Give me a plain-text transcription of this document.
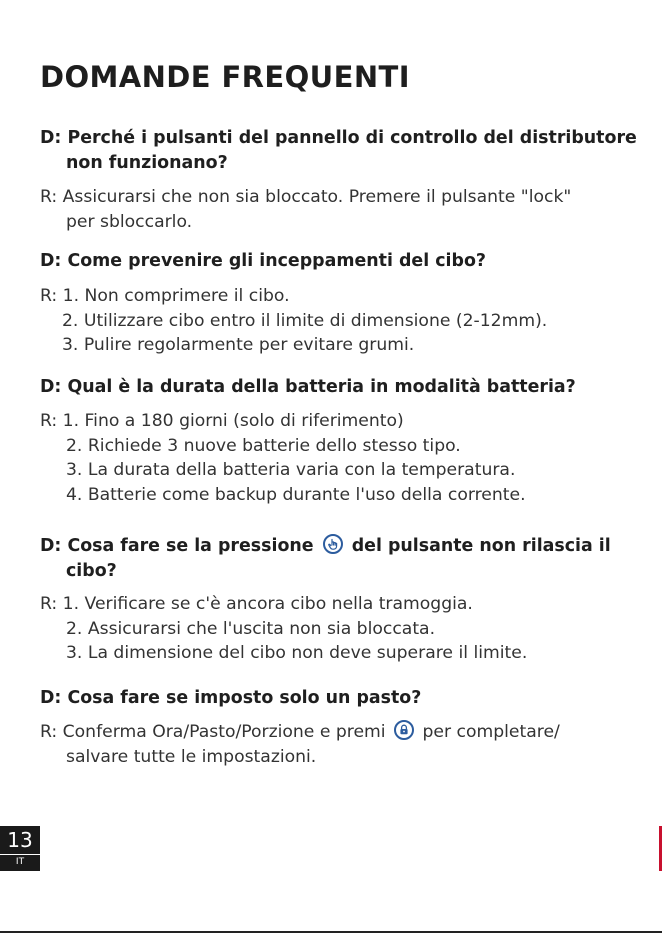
DOMANDE FREQUENTI
D: Perché i pulsanti del pannello di controllo del distributore
non funzionano?
R: Assicurarsi che non sia bloccato. Premere il pulsante "lock"
per sbloccarlo.
D: Come prevenire gli inceppamenti del cibo?
R: 1. Non comprimere il cibo.
2. Utilizzare cibo entro il limite di dimensione (2-12mm).
3. Pulire regolarmente per evitare grumi.
D: Qual è la durata della batteria in modalità batteria?
R: 1. Fino a 180 giorni (solo di riferimento)
2. Richiede 3 nuove batterie dello stesso tipo.
3. La durata della batteria varia con la temperatura.
4. Batterie come backup durante l'uso della corrente.
D: Cosa fare se la pressione del pulsante non rilascia il
cibo?
R: 1. Verificare se c'è ancora cibo nella tramoggia.
2. Assicurarsi che l'uscita non sia bloccata.
3. La dimensione del cibo non deve superare il limite.
D: Cosa fare se imposto solo un pasto?
R: Conferma Ora/Pasto/Porzione e premi per completare/
salvare tutte le impostazioni.
13
IT
